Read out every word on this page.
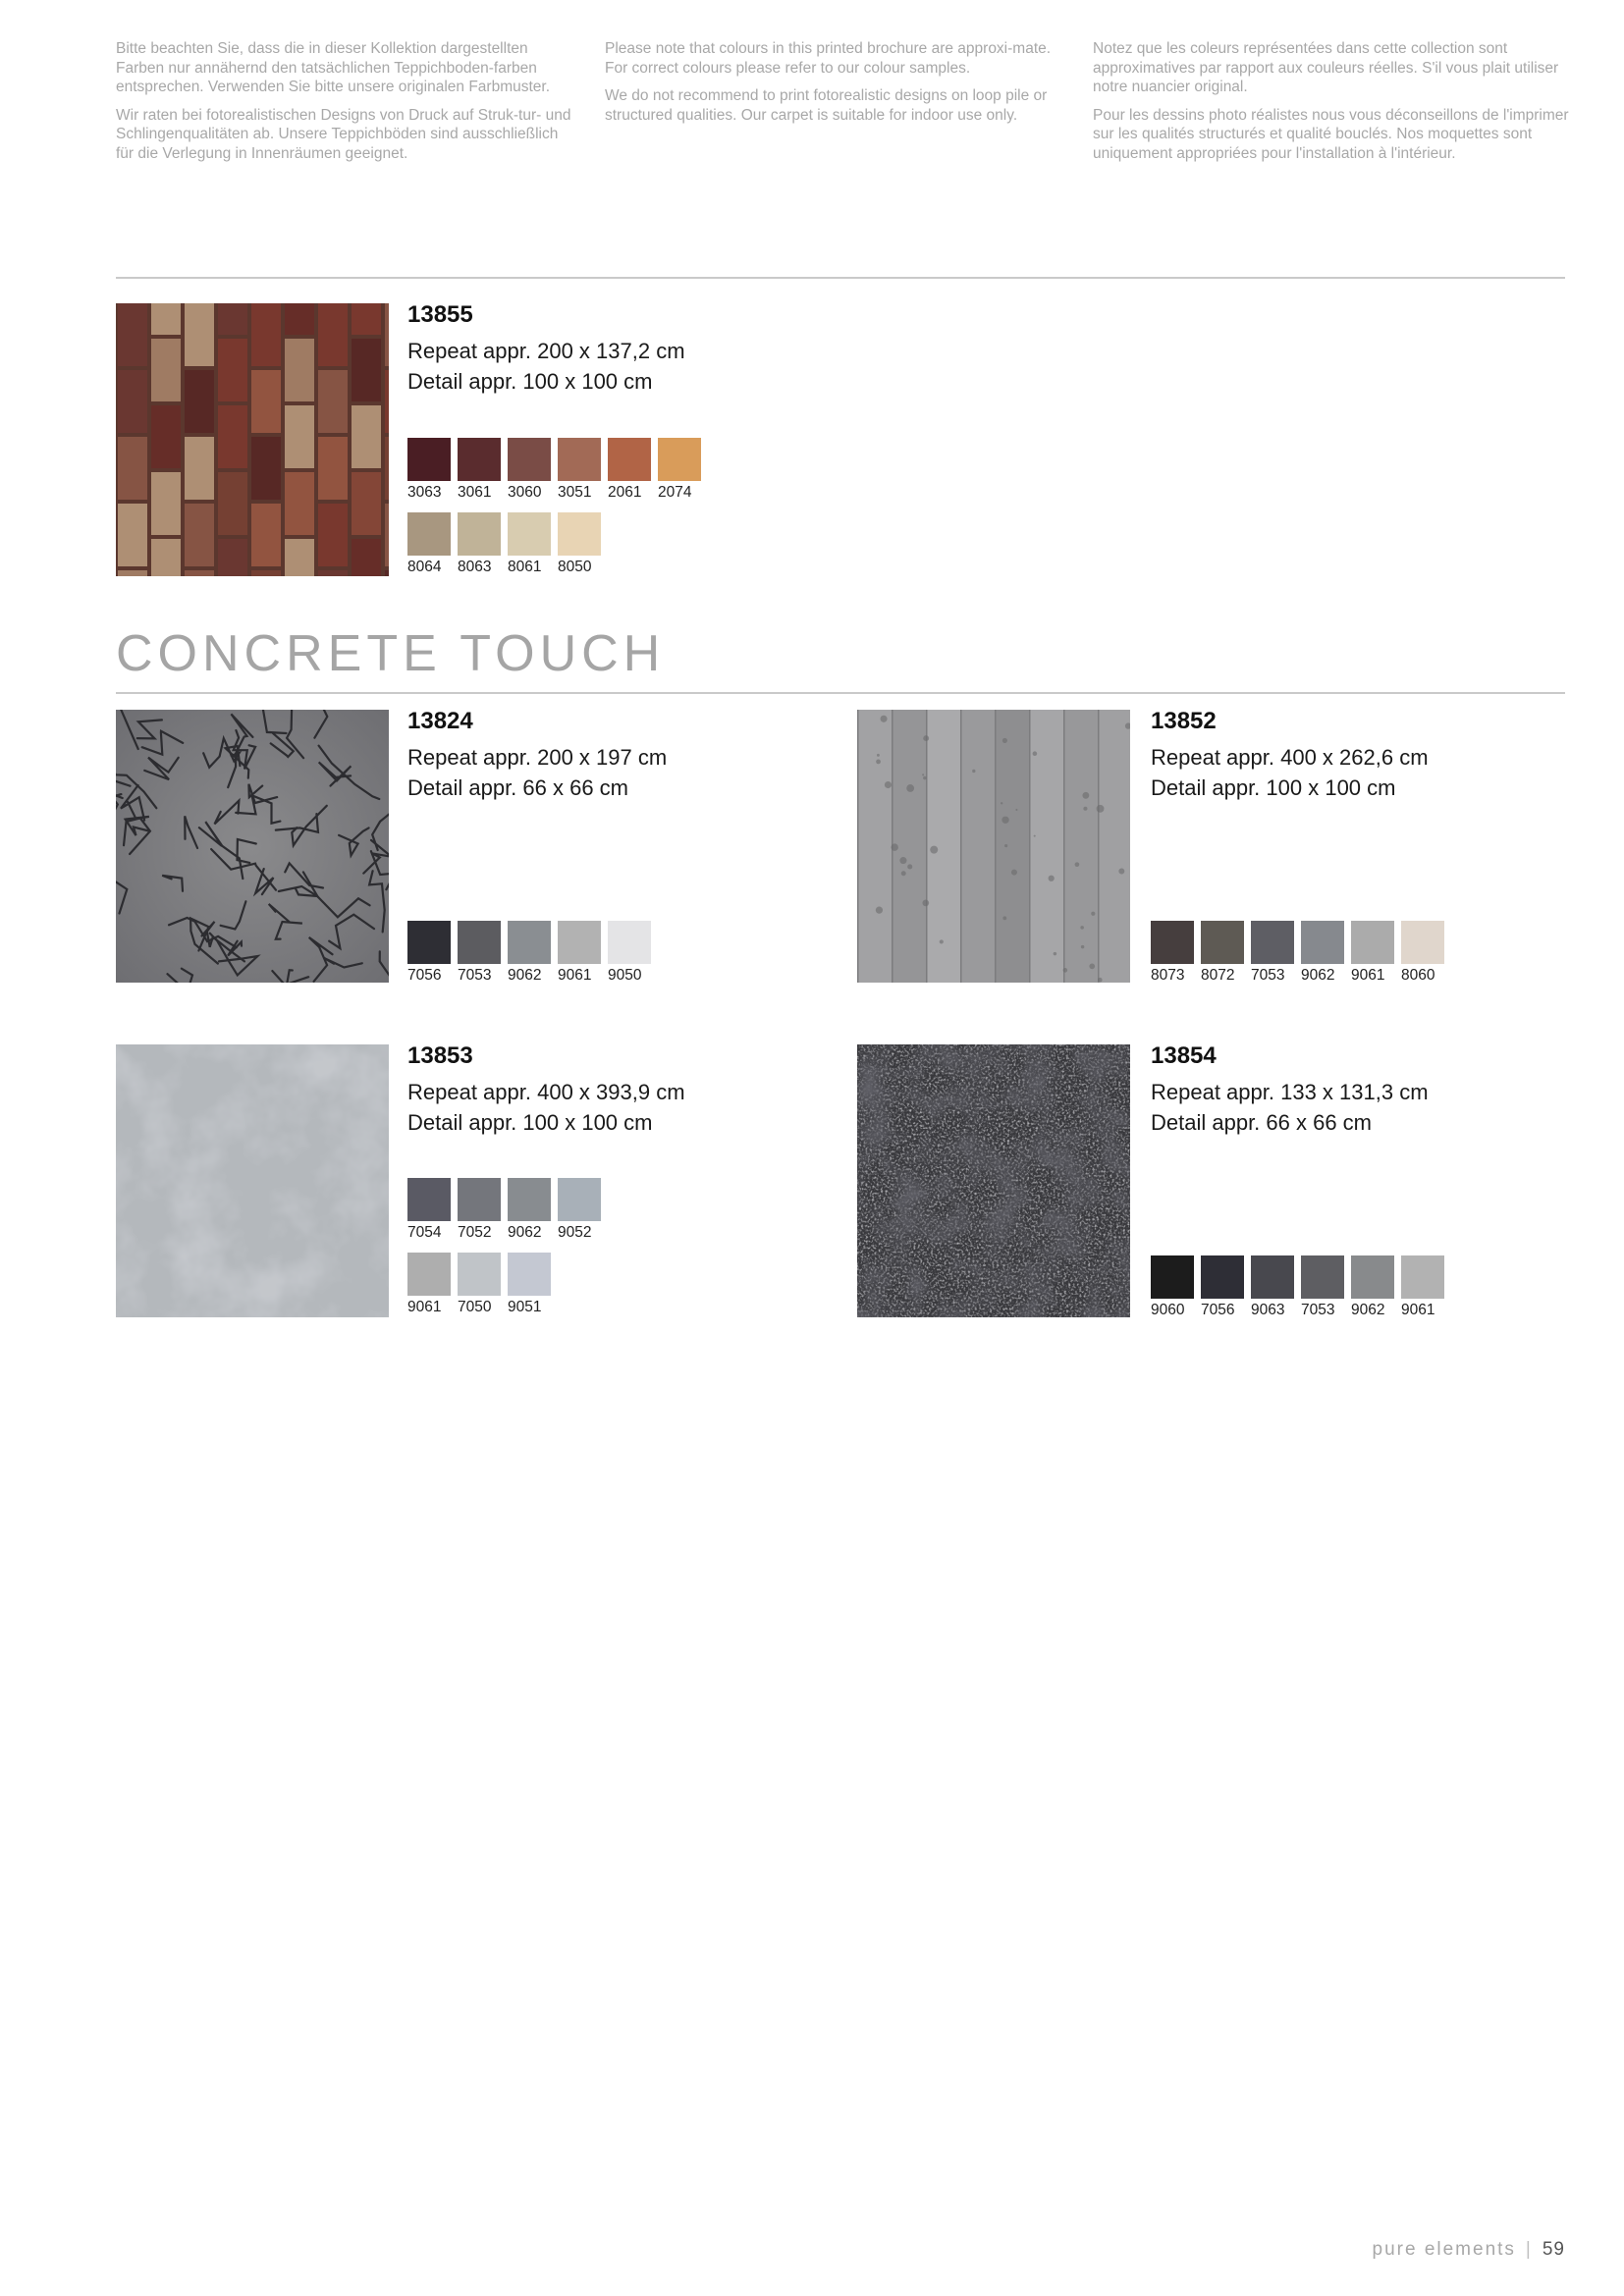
Bitte beachten Sie, dass die in dieser Kollektion dargestellten Farben nur annähernd den tatsächlichen Teppichboden-farben entsprechen. Verwenden Sie bitte unsere originalen Farbmuster.

Wir raten bei fotorealistischen Designs von Druck auf Struk-tur- und Schlingenqualitäten ab. Unsere Teppichböden sind ausschließlich für die Verlegung in Innenräumen geeignet.

Please note that colours in this printed brochure are approxi-mate. For correct colours please refer to our colour samples.

We do not recommend to print fotorealistic designs on loop pile or structured qualities. Our carpet is suitable for indoor use only.

Notez que les coleurs représentées dans cette collection sont approximatives par rapport aux couleurs réelles. S'il vous plait utiliser notre nuancier original.

Pour les dessins photo réalistes nous vous déconseillons de l'imprimer sur les qualités structurés et qualité bouclés. Nos moquettes sont uniquement appropriées pour l'installation à l'intérieur.

13855
Repeat appr. 200 x 137,2 cm
Detail appr. 100 x 100 cm
3063 3061 3060 3051 2061 2074
8064 8063 8061 8050
CONCRETE TOUCH
13824
Repeat appr. 200 x 197 cm
Detail appr. 66 x 66 cm
7056 7053 9062 9061 9050
13852
Repeat appr. 400 x 262,6 cm
Detail appr. 100 x 100 cm
8073 8072 7053 9062 9061 8060
13853
Repeat appr. 400 x 393,9 cm
Detail appr. 100 x 100 cm
7054 7052 9062 9052
9061 7050 9051
13854
Repeat appr. 133 x 131,3 cm
Detail appr. 66 x 66 cm
9060 7056 9063 7053 9062 9061
pure elements | 59
